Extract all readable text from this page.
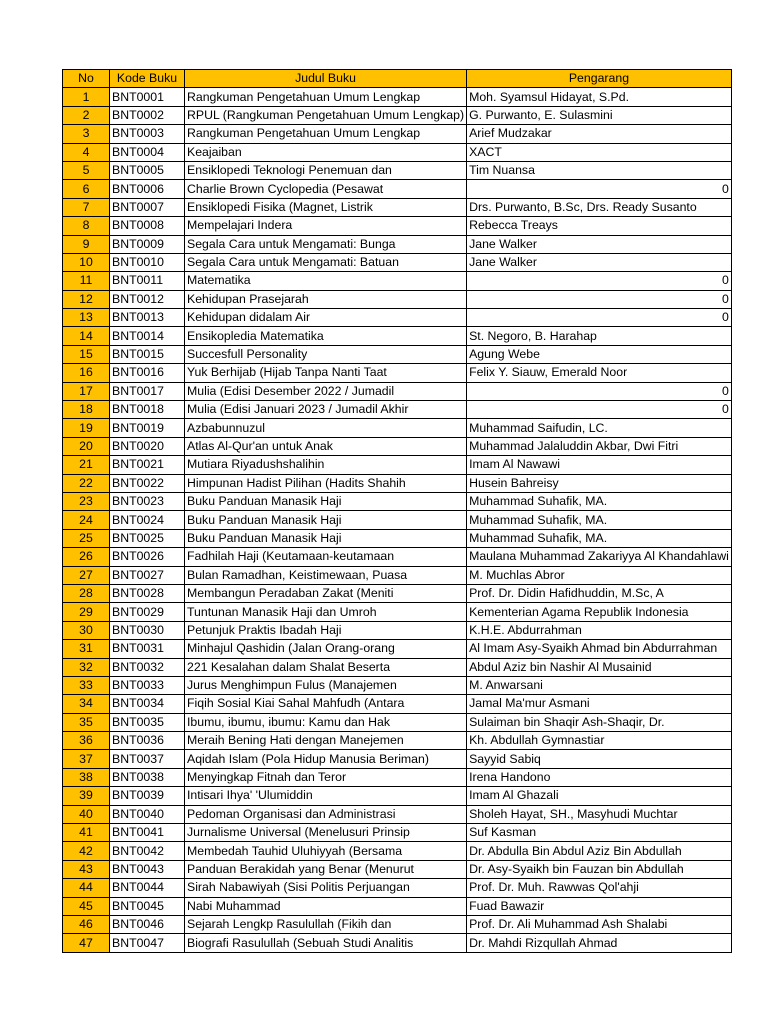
No	Kode Buku	Judul Buku	Pengarang
1	BNT0001	Rangkuman Pengetahuan Umum Lengkap	Moh. Syamsul Hidayat, S.Pd.
2	BNT0002	RPUL (Rangkuman Pengetahuan Umum Lengkap)	G. Purwanto, E. Sulasmini
3	BNT0003	Rangkuman Pengetahuan Umum Lengkap	Arief Mudzakar
4	BNT0004	Keajaiban	XACT
5	BNT0005	Ensiklopedi Teknologi Penemuan dan	Tim Nuansa
6	BNT0006	Charlie Brown Cyclopedia (Pesawat	0
7	BNT0007	Ensiklopedi Fisika (Magnet, Listrik	Drs. Purwanto, B.Sc, Drs. Ready Susanto
8	BNT0008	Mempelajari Indera	Rebecca Treays
9	BNT0009	Segala Cara untuk Mengamati: Bunga	Jane Walker
10	BNT0010	Segala Cara untuk Mengamati: Batuan	Jane Walker
11	BNT0011	Matematika	0
12	BNT0012	Kehidupan Prasejarah	0
13	BNT0013	Kehidupan didalam Air	0
14	BNT0014	Ensikopledia Matematika	St. Negoro, B. Harahap
15	BNT0015	Succesfull Personality	Agung Webe
16	BNT0016	Yuk Berhijab (Hijab Tanpa Nanti Taat	Felix Y. Siauw, Emerald Noor
17	BNT0017	Mulia (Edisi Desember 2022 / Jumadil	0
18	BNT0018	Mulia (Edisi Januari 2023 / Jumadil Akhir	0
19	BNT0019	Azbabunnuzul	Muhammad Saifudin, LC.
20	BNT0020	Atlas Al-Qur'an untuk Anak	Muhammad Jalaluddin Akbar, Dwi Fitri
21	BNT0021	Mutiara Riyadushshalihin	Imam Al Nawawi
22	BNT0022	Himpunan Hadist Pilihan (Hadits Shahih	Husein Bahreisy
23	BNT0023	Buku Panduan Manasik Haji	Muhammad Suhafik, MA.
24	BNT0024	Buku Panduan Manasik Haji	Muhammad Suhafik, MA.
25	BNT0025	Buku Panduan Manasik Haji	Muhammad Suhafik, MA.
26	BNT0026	Fadhilah Haji (Keutamaan-keutamaan	Maulana Muhammad Zakariyya Al Khandahlawi
27	BNT0027	Bulan Ramadhan, Keistimewaan, Puasa	M. Muchlas Abror
28	BNT0028	Membangun Peradaban Zakat (Meniti	Prof. Dr. Didin Hafidhuddin, M.Sc, A
29	BNT0029	Tuntunan Manasik Haji dan Umroh	Kementerian Agama Republik Indonesia
30	BNT0030	Petunjuk Praktis Ibadah Haji	K.H.E. Abdurrahman
31	BNT0031	Minhajul Qashidin (Jalan Orang-orang	Al Imam Asy-Syaikh Ahmad bin Abdurrahman
32	BNT0032	221 Kesalahan dalam Shalat Beserta	Abdul Aziz bin Nashir Al Musainid
33	BNT0033	Jurus Menghimpun Fulus (Manajemen	M. Anwarsani
34	BNT0034	Fiqih Sosial Kiai Sahal Mahfudh (Antara	Jamal Ma'mur Asmani
35	BNT0035	Ibumu, ibumu, ibumu: Kamu dan Hak	Sulaiman bin Shaqir Ash-Shaqir, Dr.
36	BNT0036	Meraih Bening Hati dengan Manejemen	Kh. Abdullah Gymnastiar
37	BNT0037	Aqidah Islam (Pola Hidup Manusia Beriman)	Sayyid Sabiq
38	BNT0038	Menyingkap Fitnah dan Teror	Irena Handono
39	BNT0039	Intisari Ihya' 'Ulumiddin	Imam Al Ghazali
40	BNT0040	Pedoman Organisasi dan Administrasi	Sholeh Hayat, SH., Masyhudi Muchtar
41	BNT0041	Jurnalisme Universal (Menelusuri Prinsip	Suf Kasman
42	BNT0042	Membedah Tauhid Uluhiyyah (Bersama	Dr. Abdulla Bin Abdul Aziz Bin Abdullah
43	BNT0043	Panduan Berakidah yang Benar (Menurut	Dr. Asy-Syaikh bin Fauzan bin Abdullah
44	BNT0044	Sirah Nabawiyah (Sisi Politis Perjuangan	Prof. Dr. Muh. Rawwas Qol'ahji
45	BNT0045	Nabi Muhammad	Fuad Bawazir
46	BNT0046	Sejarah Lengkp Rasulullah (Fikih dan	Prof. Dr. Ali Muhammad Ash Shalabi
47	BNT0047	Biografi Rasulullah (Sebuah Studi Analitis	Dr. Mahdi Rizqullah Ahmad
